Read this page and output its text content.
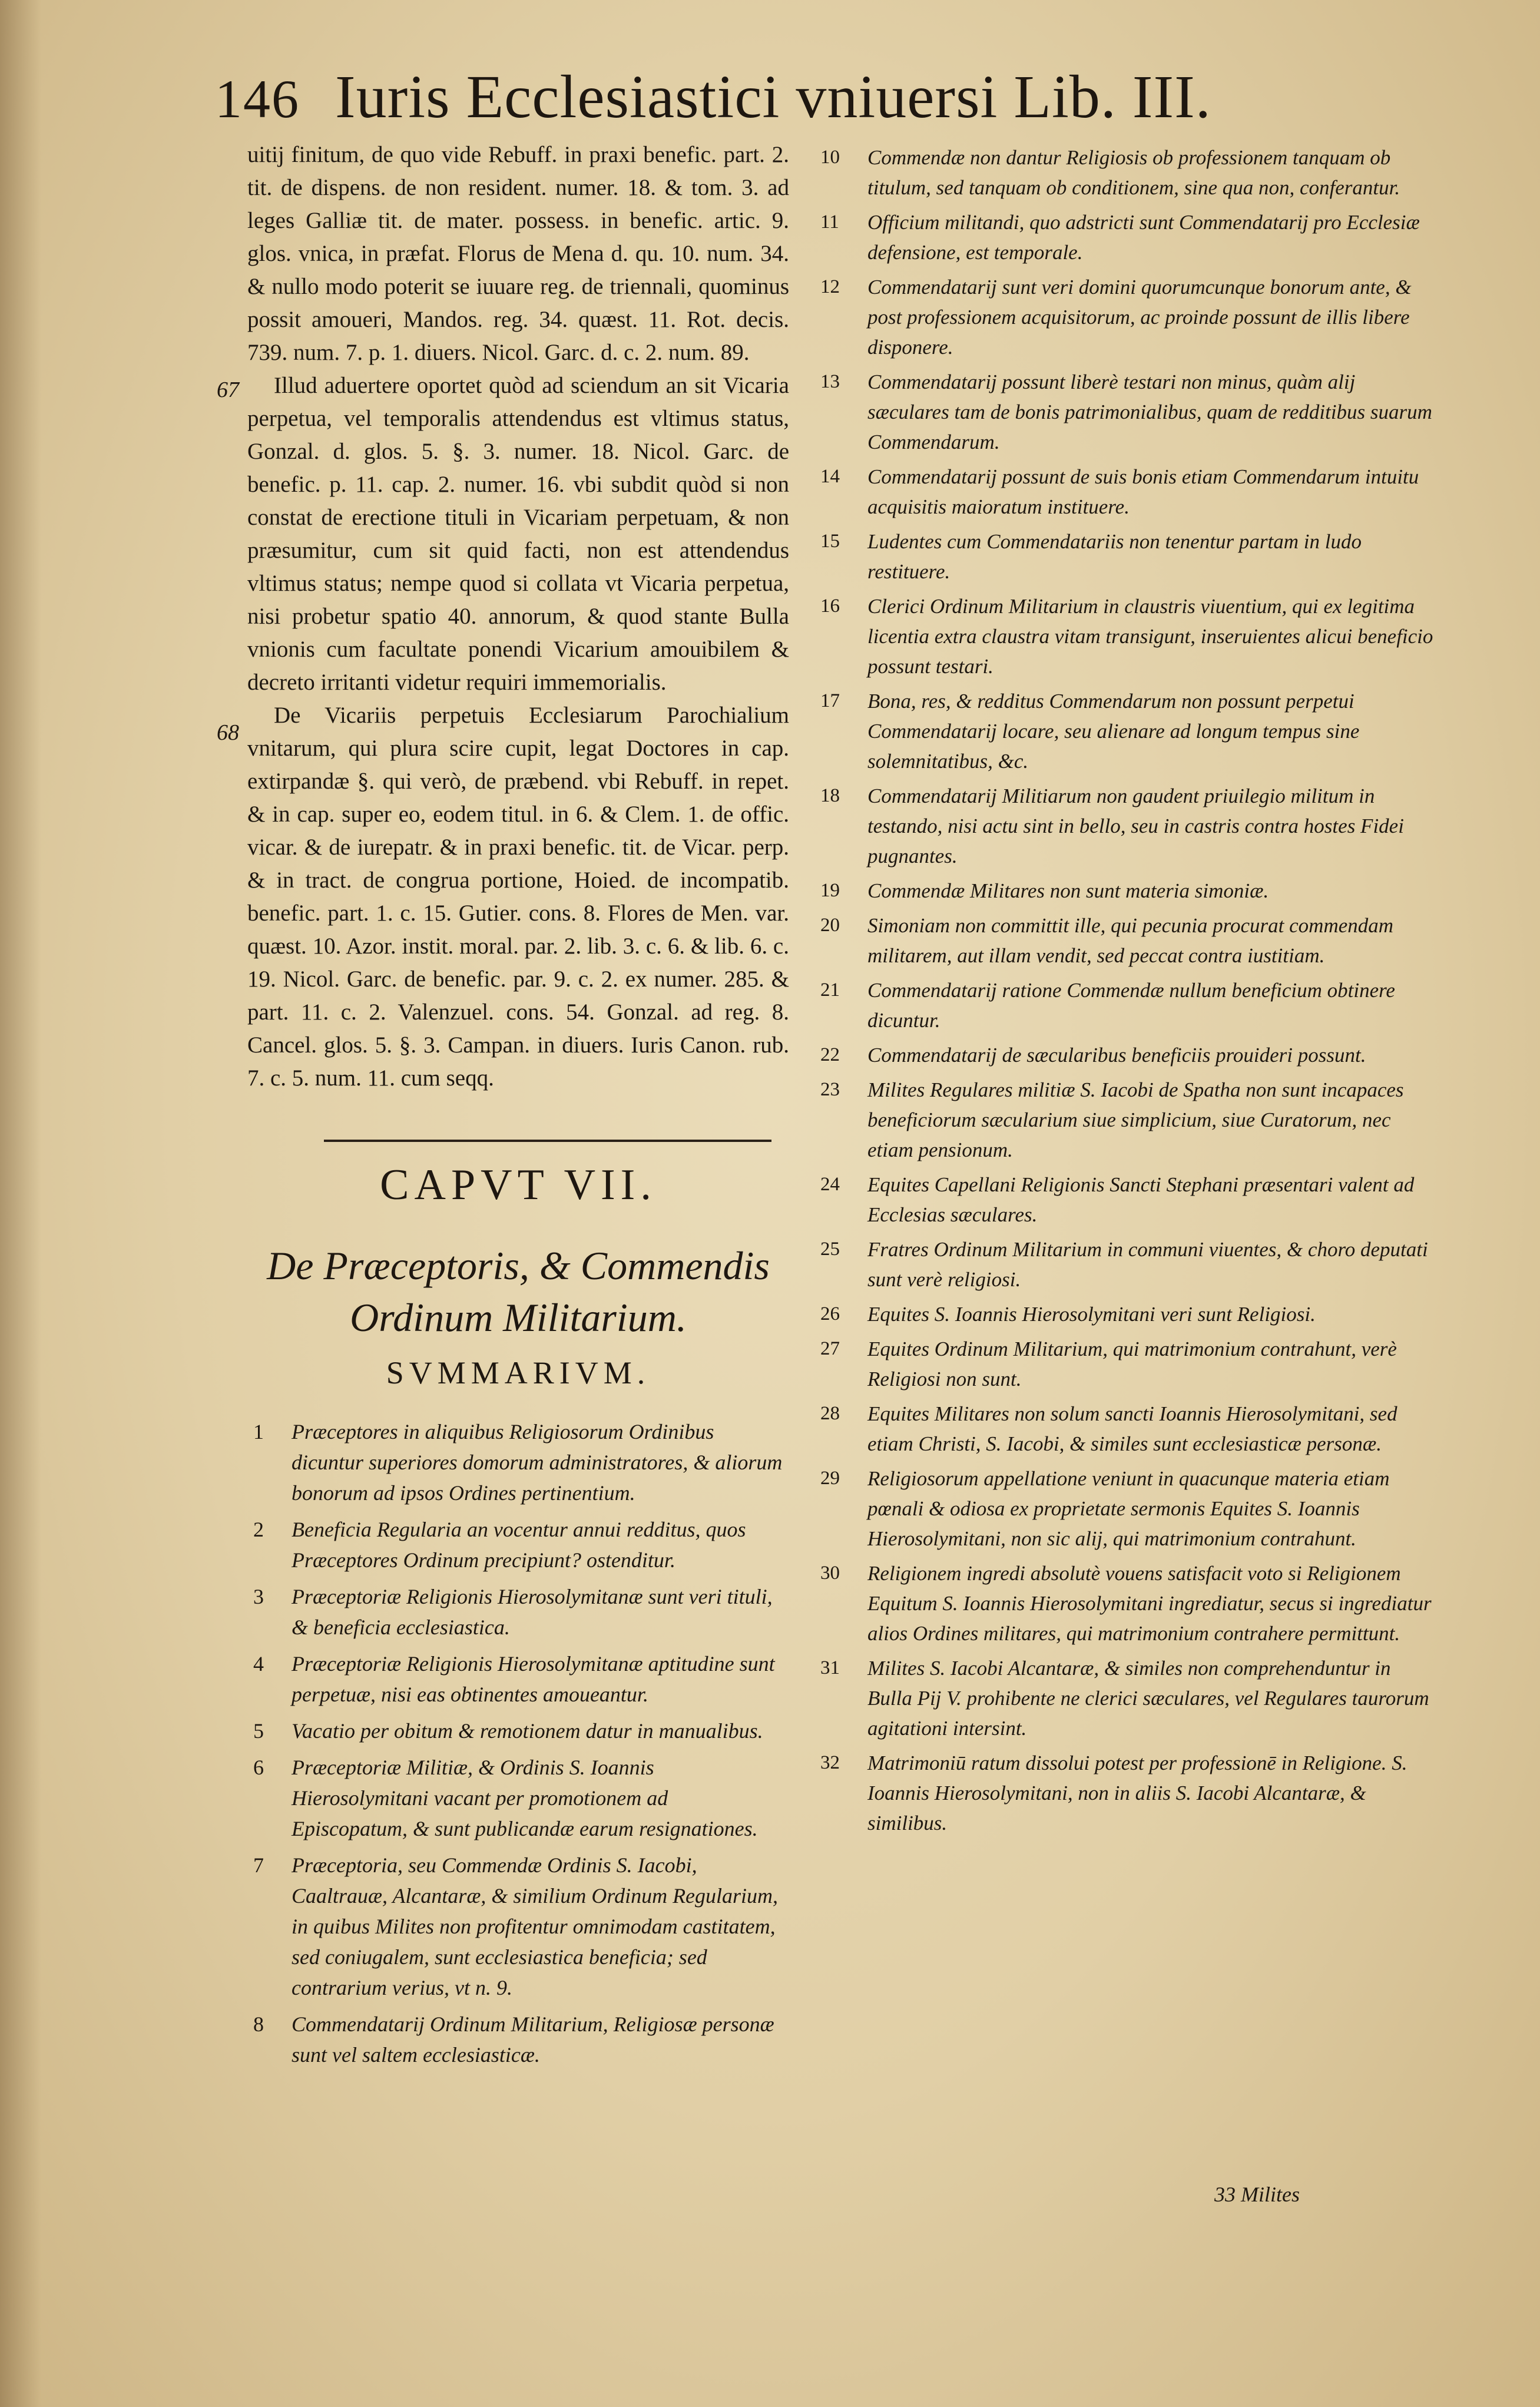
146 Iuris Ecclesiastici vniuersi Lib. III.

uitij finitum, de quo vide Rebuff. in praxi benefic. part. 2. tit. de dispens. de non resident. numer. 18. & tom. 3. ad leges Galliæ tit. de mater. possess. in benefic. artic. 9. glos. vnica, in præfat. Florus de Mena d. qu. 10. num. 34. & nullo modo poterit se iuuare reg. de triennali, quominus possit amoueri, Mandos. reg. 34. quæst. 11. Rot. decis. 739. num. 7. p. 1. diuers. Nicol. Garc. d. c. 2. num. 89.

Illud aduertere oportet quòd ad sciendum an sit Vicaria perpetua, vel temporalis attendendus est vltimus status, Gonzal. d. glos. 5. §. 3. numer. 18. Nicol. Garc. de benefic. p. 11. cap. 2. numer. 16. vbi subdit quòd si non constat de erectione tituli in Vicariam perpetuam, & non præsumitur, cum sit quid facti, non est attendendus vltimus status; nempe quod si collata vt Vicaria perpetua, nisi probetur spatio 40. annorum, & quod stante Bulla vnionis cum facultate ponendi Vicarium amouibilem & decreto irritanti videtur requiri immemorialis.

De Vicariis perpetuis Ecclesiarum Parochialium vnitarum, qui plura scire cupit, legat Doctores in cap. extirpandæ §. qui verò, de præbend. vbi Rebuff. in repet. & in cap. super eo, eodem titul. in 6. & Clem. 1. de offic. vicar. & de iurepatr. & in praxi benefic. tit. de Vicar. perp. & in tract. de congrua portione, Hoied. de incompatib. benefic. part. 1. c. 15. Gutier. cons. 8. Flores de Men. var. quæst. 10. Azor. instit. moral. par. 2. lib. 3. c. 6. & lib. 6. c. 19. Nicol. Garc. de benefic. par. 9. c. 2. ex numer. 285. & part. 11. c. 2. Valenzuel. cons. 54. Gonzal. ad reg. 8. Cancel. glos. 5. §. 3. Campan. in diuers. Iuris Canon. rub. 7. c. 5. num. 11. cum seqq.

67
68
CAPVT VII.
De Præceptoris, & Commendis
Ordinum Militarium.
SVMMARIVM.
1	Præceptores in aliquibus Religiosorum Ordinibus dicuntur superiores domorum administratores, & aliorum bonorum ad ipsos Ordines pertinentium.
2	Beneficia Regularia an vocentur annui redditus, quos Præceptores Ordinum precipiunt? ostenditur.
3	Præceptoriæ Religionis Hierosolymitanæ sunt veri tituli, & beneficia ecclesiastica.
4	Præceptoriæ Religionis Hierosolymitanæ aptitudine sunt perpetuæ, nisi eas obtinentes amoueantur.
5	Vacatio per obitum & remotionem datur in manualibus.
6	Præceptoriæ Militiæ, & Ordinis S. Ioannis Hierosolymitani vacant per promotionem ad Episcopatum, & sunt publicandæ earum resignationes.
7	Præceptoria, seu Commendæ Ordinis S. Iacobi, Caaltrauæ, Alcantaræ, & similium Ordinum Regularium, in quibus Milites non profitentur omnimodam castitatem, sed coniugalem, sunt ecclesiastica beneficia; sed contrarium verius, vt n. 9.
8	Commendatarij Ordinum Militarium, Religiosæ personæ sunt vel saltem ecclesiasticæ.
10	Commendæ non dantur Religiosis ob professionem tanquam ob titulum, sed tanquam ob conditionem, sine qua non, conferantur.
11	Officium militandi, quo adstricti sunt Commendatarij pro Ecclesiæ defensione, est temporale.
12	Commendatarij sunt veri domini quorumcunque bonorum ante, & post professionem acquisitorum, ac proinde possunt de illis libere disponere.
13	Commendatarij possunt liberè testari non minus, quàm alij sæculares tam de bonis patrimonialibus, quam de redditibus suarum Commendarum.
14	Commendatarij possunt de suis bonis etiam Commendarum intuitu acquisitis maioratum instituere.
15	Ludentes cum Commendatariis non tenentur partam in ludo restituere.
16	Clerici Ordinum Militarium in claustris viuentium, qui ex legitima licentia extra claustra vitam transigunt, inseruientes alicui beneficio possunt testari.
17	Bona, res, & redditus Commendarum non possunt perpetui Commendatarij locare, seu alienare ad longum tempus sine solemnitatibus, &c.
18	Commendatarij Militiarum non gaudent priuilegio militum in testando, nisi actu sint in bello, seu in castris contra hostes Fidei pugnantes.
19	Commendæ Militares non sunt materia simoniæ.
20	Simoniam non committit ille, qui pecunia procurat commendam militarem, aut illam vendit, sed peccat contra iustitiam.
21	Commendatarij ratione Commendæ nullum beneficium obtinere dicuntur.
22	Commendatarij de sæcularibus beneficiis prouideri possunt.
23	Milites Regulares militiæ S. Iacobi de Spatha non sunt incapaces beneficiorum sæcularium siue simplicium, siue Curatorum, nec etiam pensionum.
24	Equites Capellani Religionis Sancti Stephani præsentari valent ad Ecclesias sæculares.
25	Fratres Ordinum Militarium in communi viuentes, & choro deputati sunt verè religiosi.
26	Equites S. Ioannis Hierosolymitani veri sunt Religiosi.
27	Equites Ordinum Militarium, qui matrimonium contrahunt, verè Religiosi non sunt.
28	Equites Militares non solum sancti Ioannis Hierosolymitani, sed etiam Christi, S. Iacobi, & similes sunt ecclesiasticæ personæ.
29	Religiosorum appellatione veniunt in quacunque materia etiam pœnali & odiosa ex proprietate sermonis Equites S. Ioannis Hierosolymitani, non sic alij, qui matrimonium contrahunt.
30	Religionem ingredi absolutè vouens satisfacit voto si Religionem Equitum S. Ioannis Hierosolymitani ingrediatur, secus si ingrediatur alios Ordines militares, qui matrimonium contrahere permittunt.
31	Milites S. Iacobi Alcantaræ, & similes non comprehenduntur in Bulla Pij V. prohibente ne clerici sæculares, vel Regulares taurorum agitationi intersint.
32	Matrimoniū ratum dissolui potest per professionē in Religione. S. Ioannis Hierosolymitani, non in aliis S. Iacobi Alcantaræ, & similibus.
33 Milites
